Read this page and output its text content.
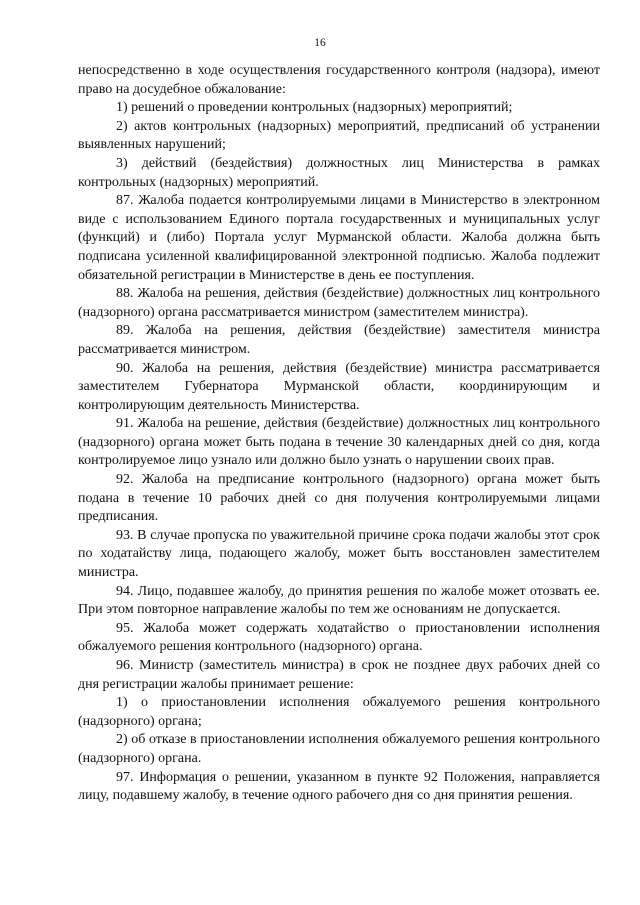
16

непосредственно в ходе осуществления государственного контроля (надзора), имеют право на досудебное обжалование:

1) решений о проведении контрольных (надзорных) мероприятий;

2) актов контрольных (надзорных) мероприятий, предписаний об устранении выявленных нарушений;

3) действий (бездействия) должностных лиц Министерства в рамках контрольных (надзорных) мероприятий.

87. Жалоба подается контролируемыми лицами в Министерство в электронном виде с использованием Единого портала государственных и муниципальных услуг (функций) и (либо) Портала услуг Мурманской области. Жалоба должна быть подписана усиленной квалифицированной электронной подписью. Жалоба подлежит обязательной регистрации в Министерстве в день ее поступления.

88. Жалоба на решения, действия (бездействие) должностных лиц контрольного (надзорного) органа рассматривается министром (заместителем министра).

89. Жалоба на решения, действия (бездействие) заместителя министра рассматривается министром.

90. Жалоба на решения, действия (бездействие) министра рассматривается заместителем Губернатора Мурманской области, координирующим и контролирующим деятельность Министерства.

91. Жалоба на решение, действия (бездействие) должностных лиц контрольного (надзорного) органа может быть подана в течение 30 календарных дней со дня, когда контролируемое лицо узнало или должно было узнать о нарушении своих прав.

92. Жалоба на предписание контрольного (надзорного) органа может быть подана в течение 10 рабочих дней со дня получения контролируемыми лицами предписания.

93. В случае пропуска по уважительной причине срока подачи жалобы этот срок по ходатайству лица, подающего жалобу, может быть восстановлен заместителем министра.

94. Лицо, подавшее жалобу, до принятия решения по жалобе может отозвать ее. При этом повторное направление жалобы по тем же основаниям не допускается.

95. Жалоба может содержать ходатайство о приостановлении исполнения обжалуемого решения контрольного (надзорного) органа.

96. Министр (заместитель министра) в срок не позднее двух рабочих дней со дня регистрации жалобы принимает решение:

1) о приостановлении исполнения обжалуемого решения контрольного (надзорного) органа;

2) об отказе в приостановлении исполнения обжалуемого решения контрольного (надзорного) органа.

97. Информация о решении, указанном в пункте 92 Положения, направляется лицу, подавшему жалобу, в течение одного рабочего дня со дня принятия решения.
